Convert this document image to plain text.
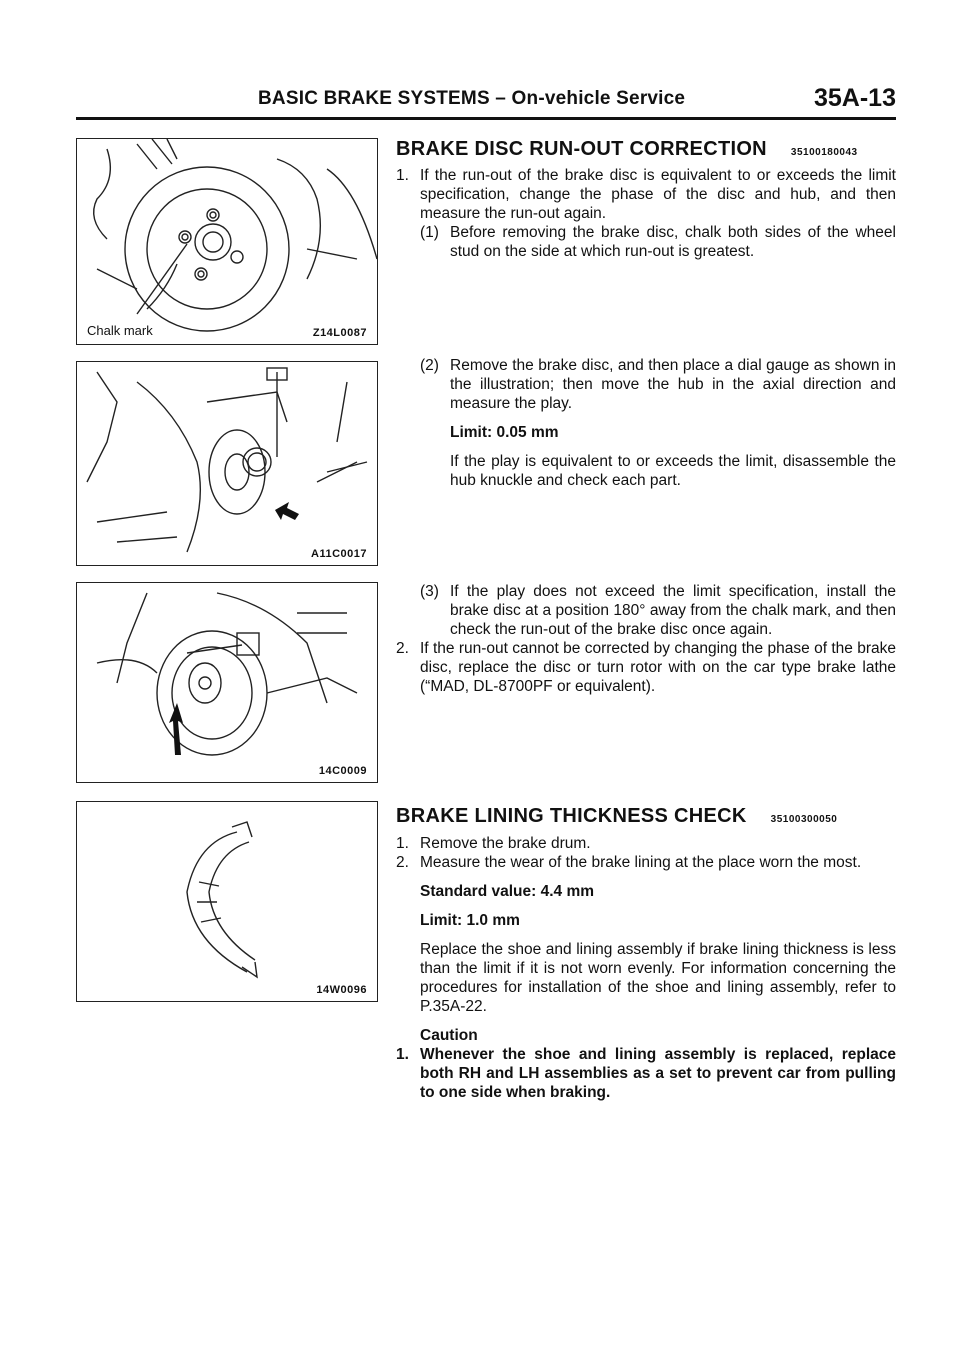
BASIC BRAKE SYSTEMS – On-vehicle Service	35A-13
Chalk mark	Z14L0087
A11C0017
14C0009
14W0096
BRAKE DISC RUN-OUT CORRECTION 35100180043

1. If the run-out of the brake disc is equivalent to or exceeds the limit specification, change the phase of the disc and hub, and then measure the run-out again.

(1) Before removing the brake disc, chalk both sides of the wheel stud on the side at which run-out is greatest.

(2) Remove the brake disc, and then place a dial gauge as shown in the illustration; then move the hub in the axial direction and measure the play.

Limit: 0.05 mm

If the play is equivalent to or exceeds the limit, disassemble the hub knuckle and check each part.

(3) If the play does not exceed the limit specification, install the brake disc at a position 180° away from the chalk mark, and then check the run-out of the brake disc once again.

2. If the run-out cannot be corrected by changing the phase of the brake disc, replace the disc or turn rotor with on the car type brake lathe (“MAD, DL-8700PF or equivalent).

BRAKE LINING THICKNESS CHECK 35100300050

1. Remove the brake drum.

2. Measure the wear of the brake lining at the place worn the most.

Standard value: 4.4 mm

Limit: 1.0 mm

Replace the shoe and lining assembly if brake lining thickness is less than the limit if it is not worn evenly. For information concerning the procedures for installation of the shoe and lining assembly, refer to P.35A-22.

Caution

1. Whenever the shoe and lining assembly is replaced, replace both RH and LH assemblies as a set to prevent car from pulling to one side when braking.
